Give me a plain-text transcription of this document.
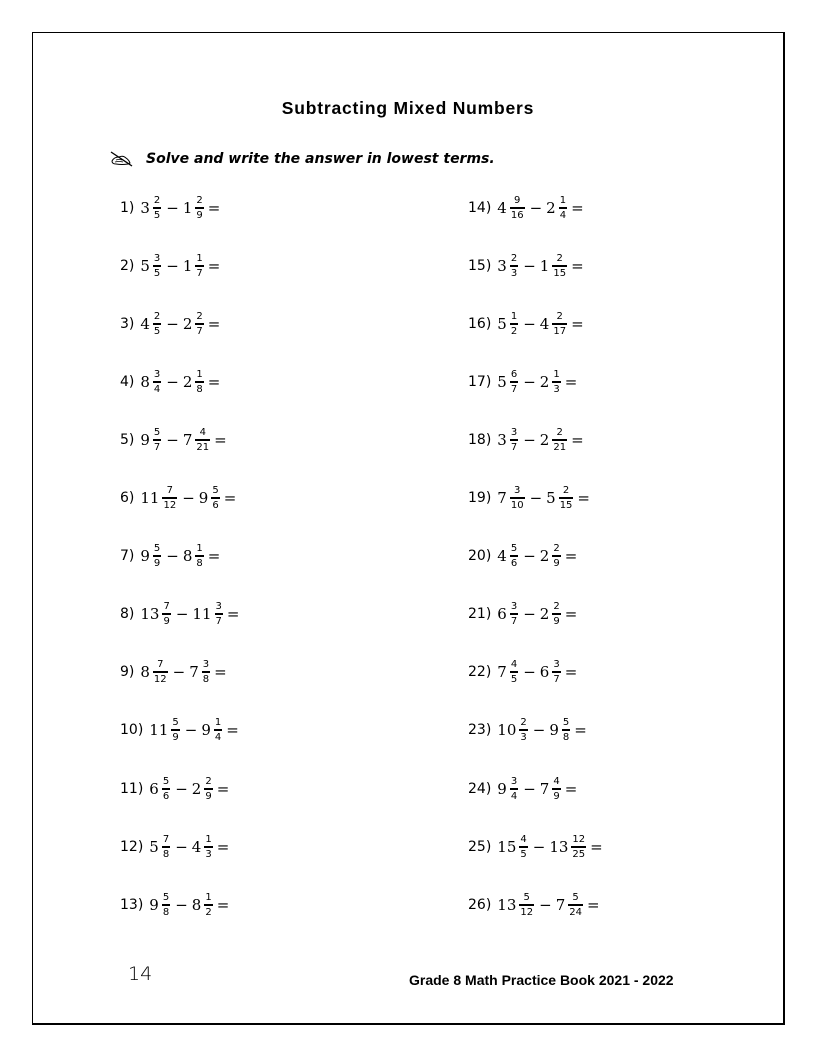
Subtracting Mixed Numbers
Solve and write the answer in lowest terms.
1) $3 \frac{2}{5} - 1 \frac{2}{9}$ =
2) $5 \frac{3}{5} - 1 \frac{1}{7}$ =
3) $4 \frac{2}{5} - 2 \frac{2}{7}$ =
4) $8 \frac{3}{4} - 2 \frac{1}{8}$ =
5) $9 \frac{5}{7} - 7 \frac{4}{21}$ =
6) $11 \frac{7}{12} - 9 \frac{5}{6}$ =
7) $9 \frac{5}{9} - 8 \frac{1}{8}$ =
8) $13 \frac{7}{9} - 11 \frac{3}{7}$ =
9) $8 \frac{7}{12} - 7 \frac{3}{8}$ =
10) $11 \frac{5}{9} - 9 \frac{1}{4}$ =
11) $6 \frac{5}{6} - 2 \frac{2}{9}$ =
12) $5 \frac{7}{8} - 4 \frac{1}{3}$ =
13) $9 \frac{5}{8} - 8 \frac{1}{2}$ =
14) $4 \frac{9}{16} - 2 \frac{1}{4}$ =
15) $3 \frac{2}{3} - 1 \frac{2}{15}$ =
16) $5 \frac{1}{2} - 4 \frac{2}{17}$ =
17) $5 \frac{6}{7} - 2 \frac{1}{3}$ =
18) $3 \frac{3}{7} - 2 \frac{2}{21}$ =
19) $7 \frac{3}{10} - 5 \frac{2}{15}$ =
20) $4 \frac{5}{6} - 2 \frac{2}{9}$ =
21) $6 \frac{3}{7} - 2 \frac{2}{9}$ =
22) $7 \frac{4}{5} - 6 \frac{3}{7}$ =
23) $10 \frac{2}{3} - 9 \frac{5}{8}$ =
24) $9 \frac{3}{4} - 7 \frac{4}{9}$ =
25) $15 \frac{4}{5} - 13 \frac{12}{25}$ =
26) $13 \frac{5}{12} - 7 \frac{5}{24}$ =
14	Grade 8 Math Practice Book 2021 - 2022
